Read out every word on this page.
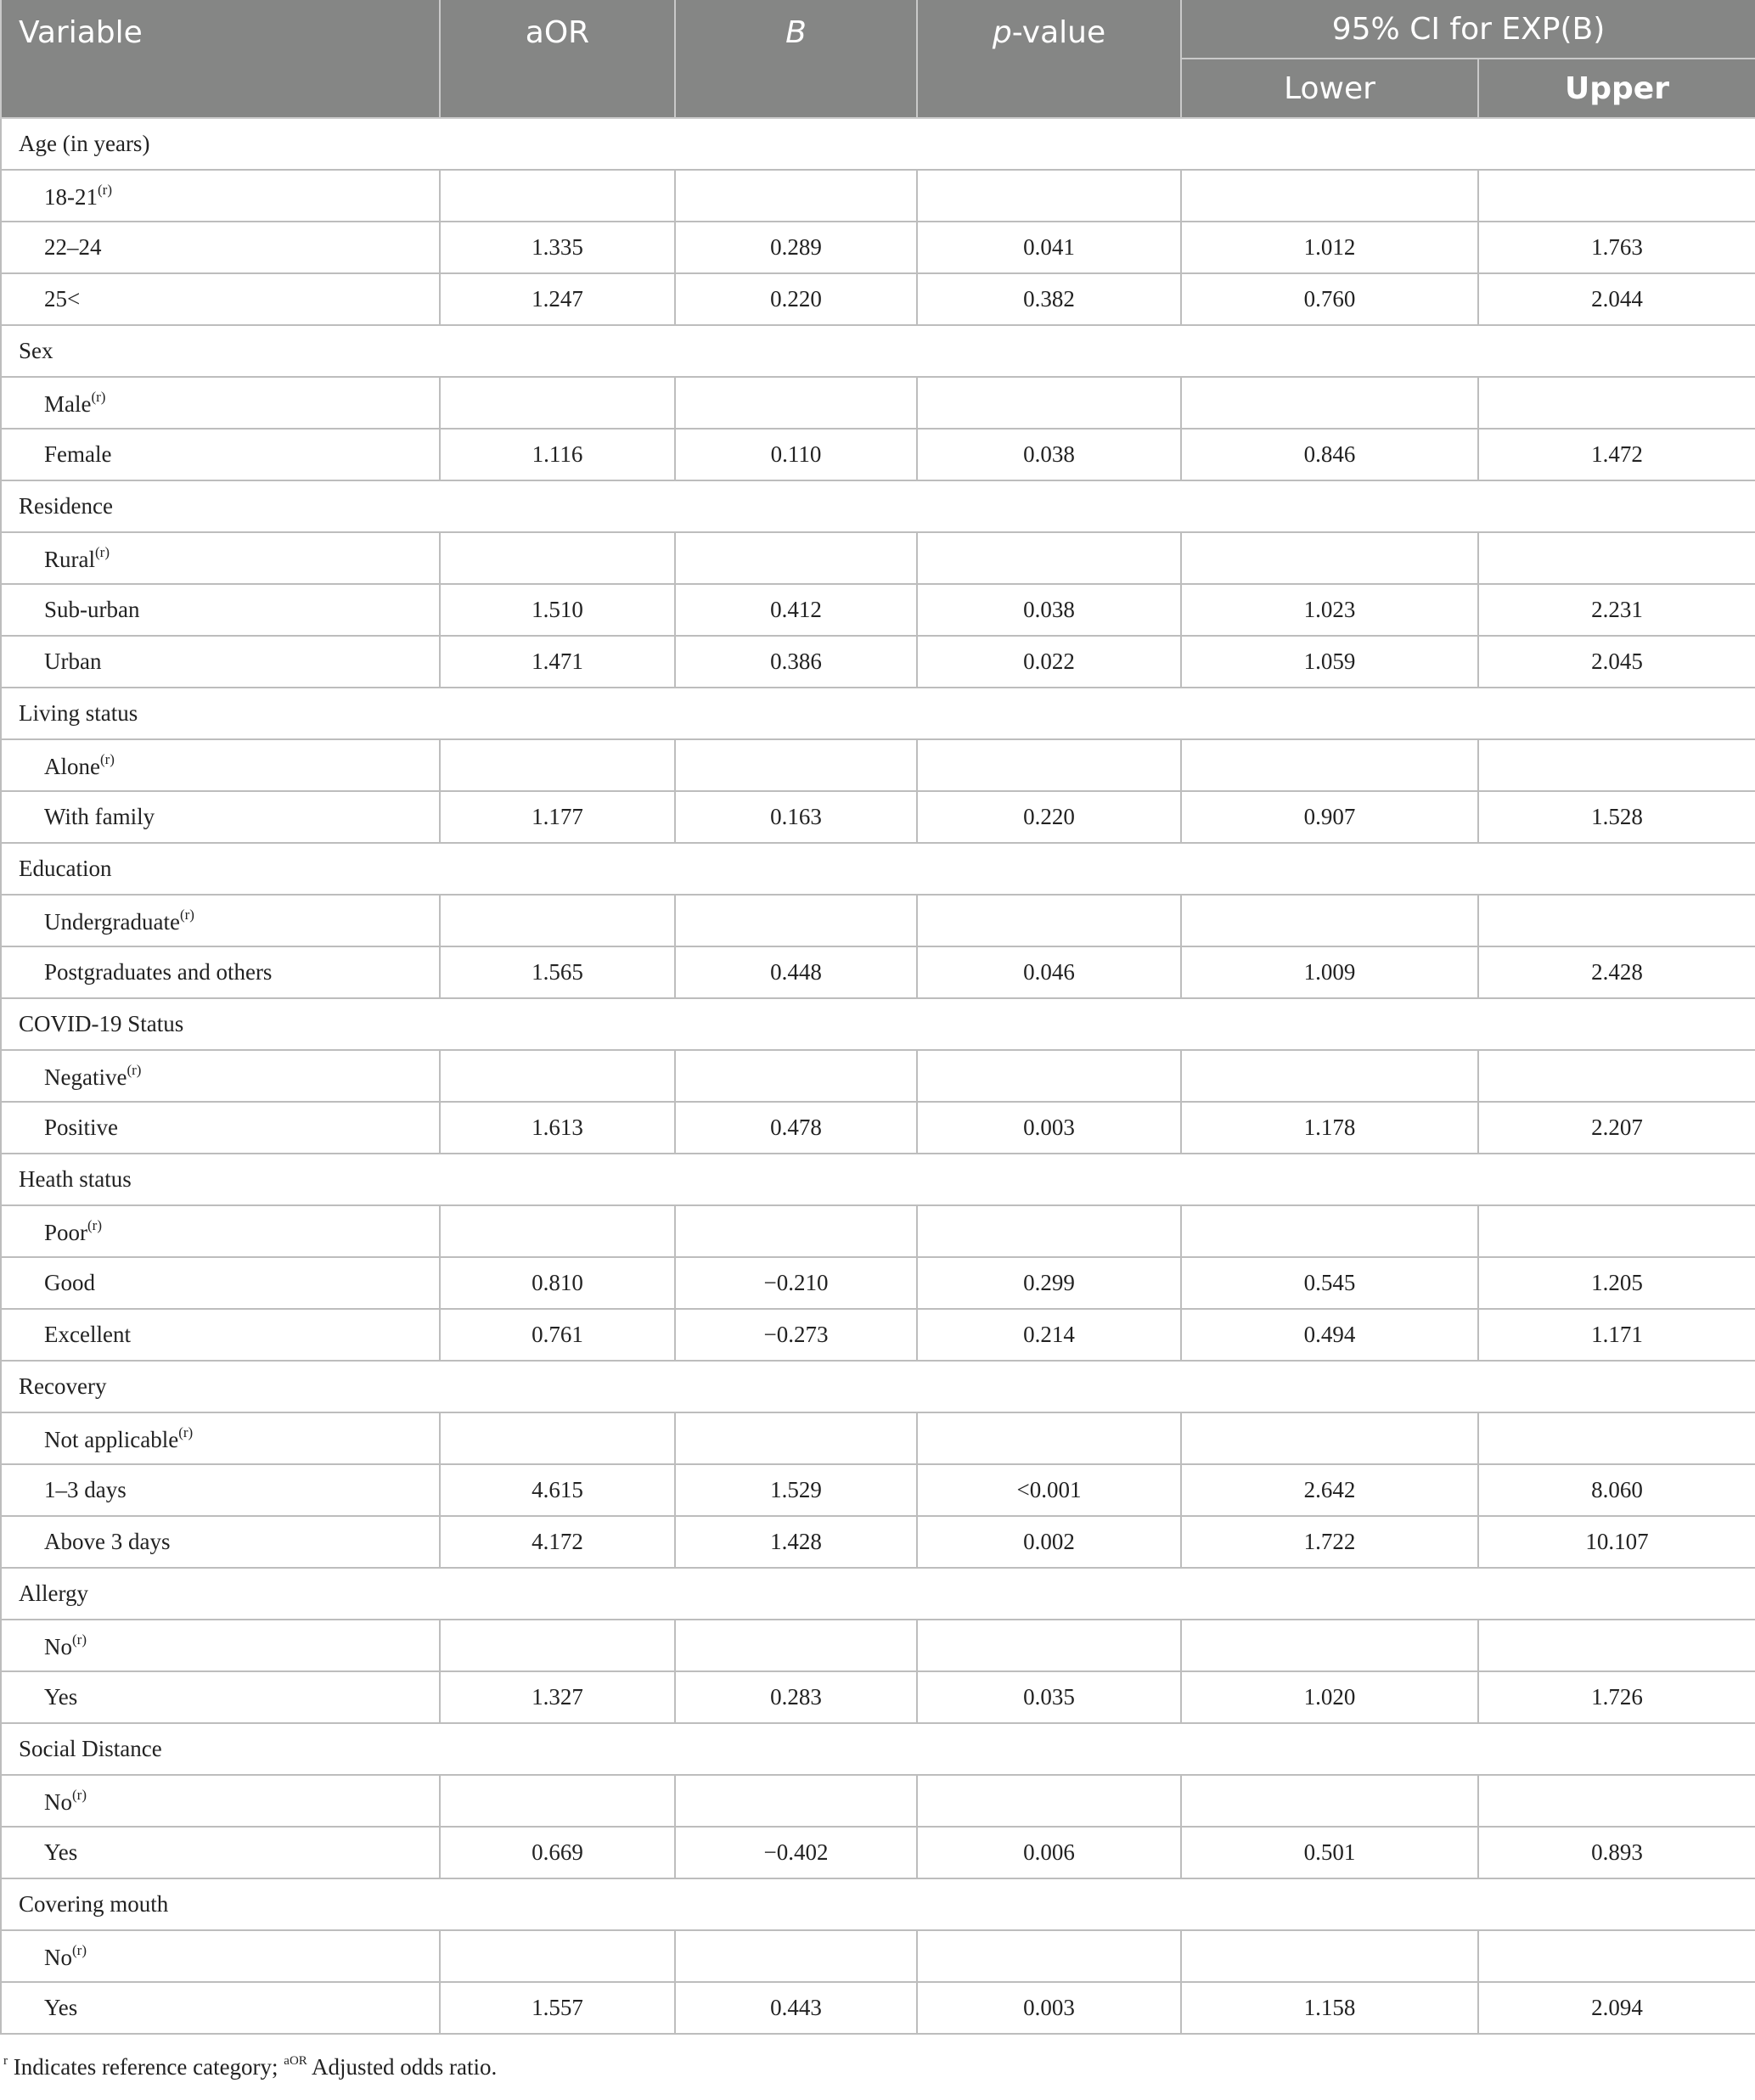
Variable	aOR	B	p-value	95% CI for EXP(B)	
				Lower	Upper
Age (in years)					
18-21$^{(r)}$					
22–24	1.335	0.289	0.041	1.012	1.763
25<	1.247	0.220	0.382	0.760	2.044
Sex					
Male$^{(r)}$					
Female	1.116	0.110	0.038	0.846	1.472
Residence					
Rural$^{(r)}$					
Sub-urban	1.510	0.412	0.038	1.023	2.231
Urban	1.471	0.386	0.022	1.059	2.045
Living status					
Alone$^{(r)}$					
With family	1.177	0.163	0.220	0.907	1.528
Education					
Undergraduate$^{(r)}$					
Postgraduates and others	1.565	0.448	0.046	1.009	2.428
COVID-19 Status					
Negative$^{(r)}$					
Positive	1.613	0.478	0.003	1.178	2.207
Heath status					
Poor$^{(r)}$					
Good	0.810	−0.210	0.299	0.545	1.205
Excellent	0.761	−0.273	0.214	0.494	1.171
Recovery					
Not applicable$^{(r)}$					
1–3 days	4.615	1.529	<0.001	2.642	8.060
Above 3 days	4.172	1.428	0.002	1.722	10.107
Allergy					
No$^{(r)}$					
Yes	1.327	0.283	0.035	1.020	1.726
Social Distance					
No$^{(r)}$					
Yes	0.669	−0.402	0.006	0.501	0.893
Covering mouth					
No$^{(r)}$					
Yes	1.557	0.443	0.003	1.158	2.094
$^r$ Indicates reference category; $^{aOR}$ Adjusted odds ratio.
